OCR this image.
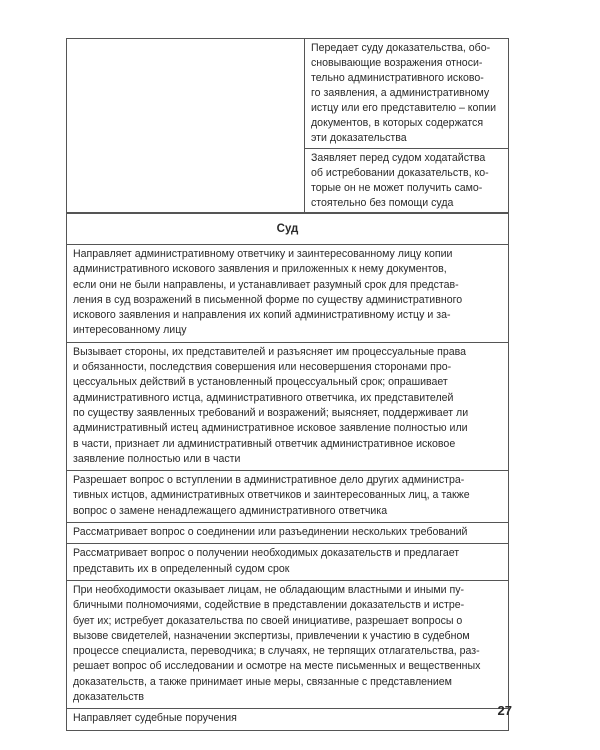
Передает суду доказательства, обо-
сновывающие возражения относи-
тельно административного исково-
го заявления, а административному
истцу или его представителю – копии
документов, в которых содержатся
эти доказательства
Заявляет перед судом ходатайства
об истребовании доказательств, ко-
торые он не может получить само-
стоятельно без помощи суда
Суд
Направляет административному ответчику и заинтересованному лицу копии
административного искового заявления и приложенных к нему документов,
если они не были направлены, и устанавливает разумный срок для представ-
ления в суд возражений в письменной форме по существу административного
искового заявления и направления их копий административному истцу и за-
интересованному лицу
Вызывает стороны, их представителей и разъясняет им процессуальные права
и обязанности, последствия совершения или несовершения сторонами про-
цессуальных действий в установленный процессуальный срок; опрашивает
административного истца, административного ответчика, их представителей
по существу заявленных требований и возражений; выясняет, поддерживает ли
административный истец административное исковое заявление полностью или
в части, признает ли административный ответчик административное исковое
заявление полностью или в части
Разрешает вопрос о вступлении в административное дело других администра-
тивных истцов, административных ответчиков и заинтересованных лиц, а также
вопрос о замене ненадлежащего административного ответчика
Рассматривает вопрос о соединении или разъединении нескольких требований
Рассматривает вопрос о получении необходимых доказательств и предлагает
представить их в определенный судом срок
При необходимости оказывает лицам, не обладающим властными и иными пу-
бличными полномочиями, содействие в представлении доказательств и истре-
бует их; истребует доказательства по своей инициативе, разрешает вопросы о
вызове свидетелей, назначении экспертизы, привлечении к участию в судебном
процессе специалиста, переводчика; в случаях, не терпящих отлагательства, раз-
решает вопрос об исследовании и осмотре на месте письменных и вещественных
доказательств, а также принимает иные меры, связанные с представлением
доказательств
Направляет судебные поручения
27
